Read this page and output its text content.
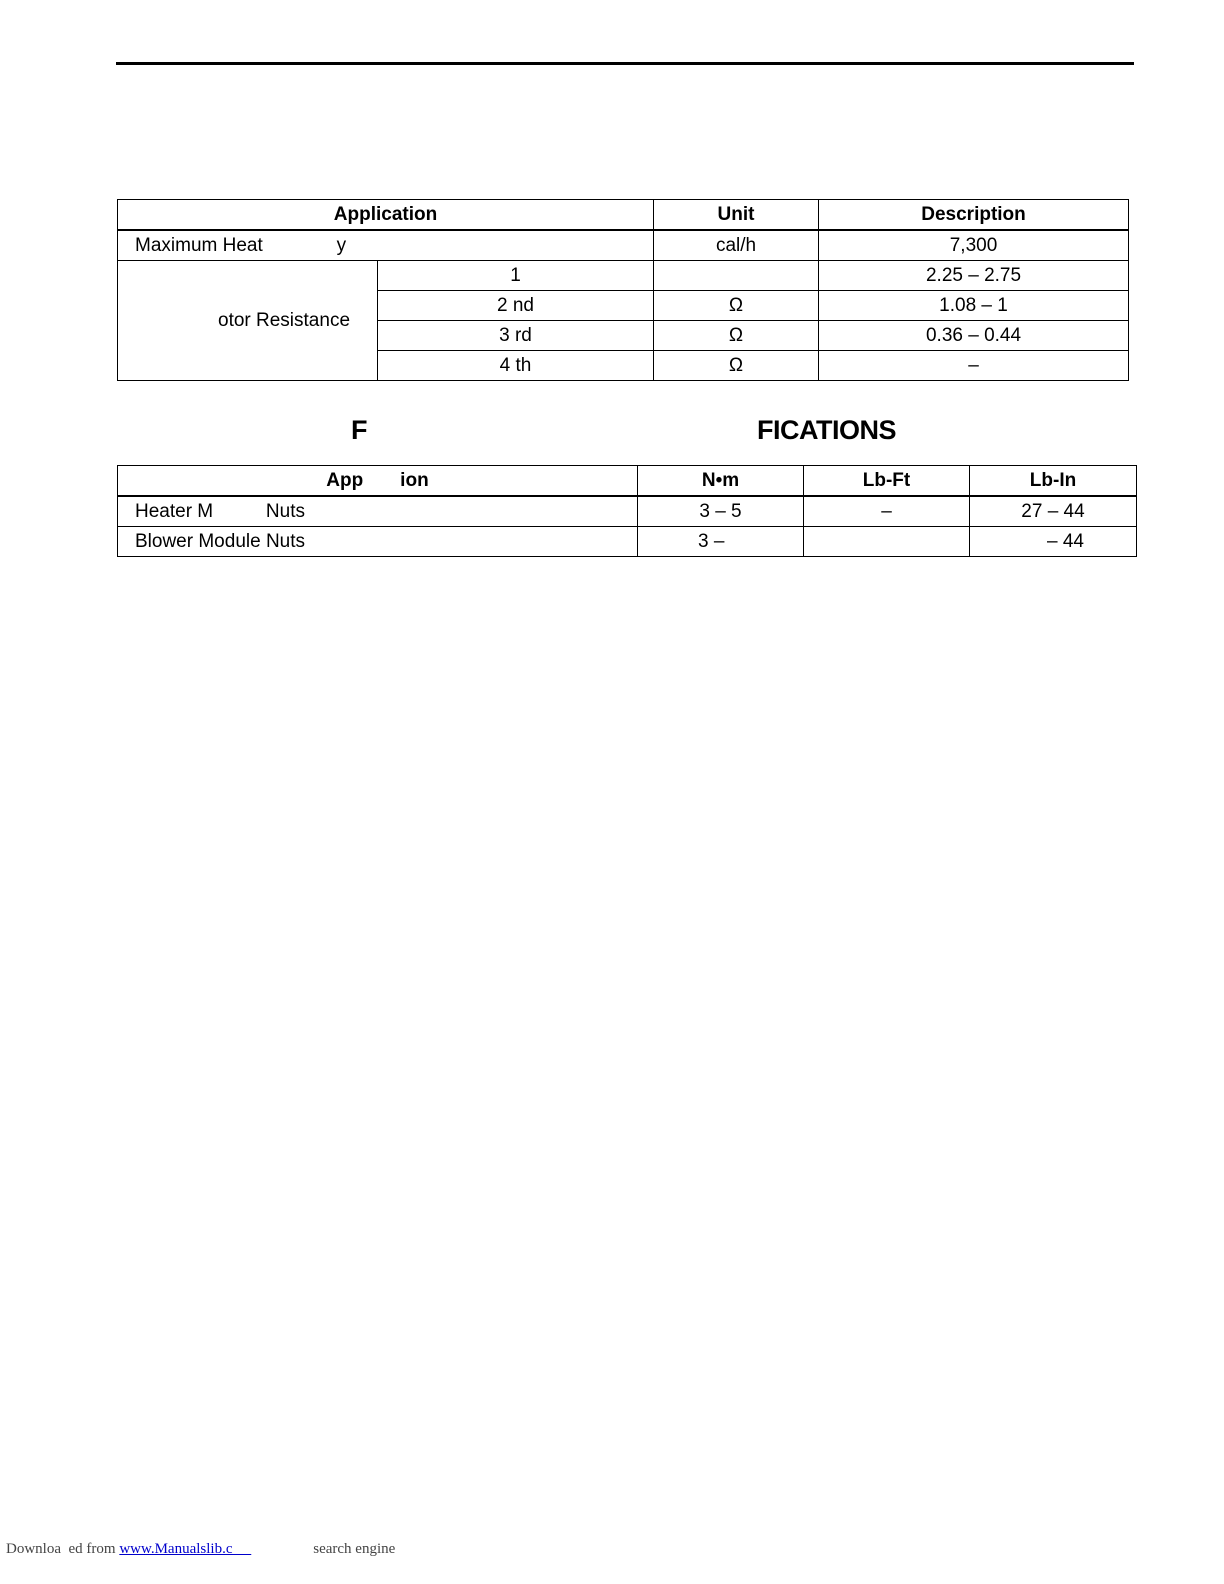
Application		Unit	Description
Maximum Heat              y		cal/h	7,300
otor Resistance	1		2.25 – 2.75
	2 nd	Ω	1.08 – 1
	3 rd	Ω	0.36 – 0.44
	4 th	Ω	–
F	FICATIONS
App       ion	N•m	Lb-Ft	Lb-In
Heater M          Nuts	3 – 5	–	27 – 44
Blower Module Nuts	3 –		– 44
Downloa  ed from www.Manualslib.c	search engine
